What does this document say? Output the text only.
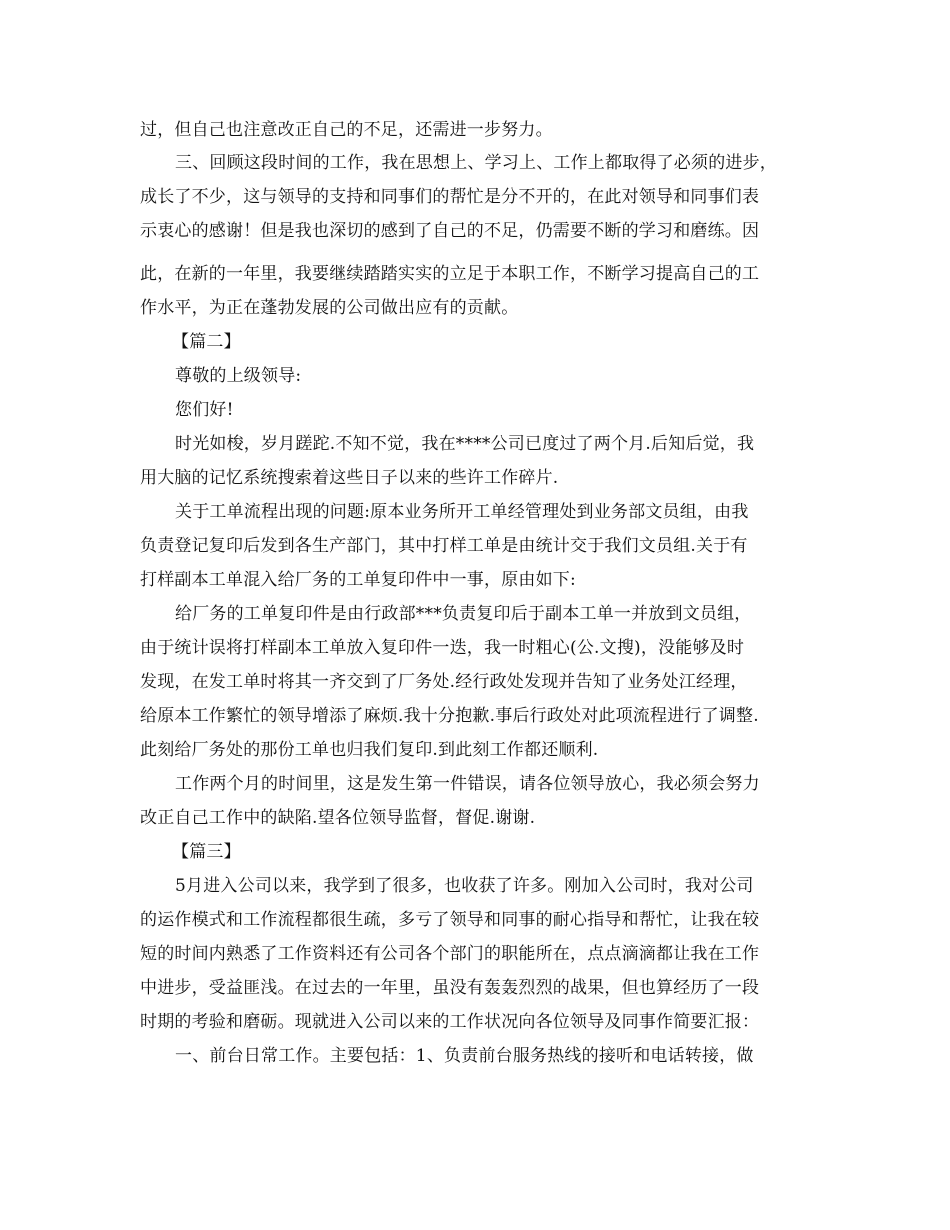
过，但自己也注意改正自己的不足，还需进一步努力。
三、回顾这段时间的工作，我在思想上、学习上、工作上都取得了必须的进步，
成长了不少，这与领导的支持和同事们的帮忙是分不开的，在此对领导和同事们表
示衷心的感谢！但是我也深切的感到了自己的不足，仍需要不断的学习和磨练。因
此，在新的一年里，我要继续踏踏实实的立足于本职工作，不断学习提高自己的工
作水平，为正在蓬勃发展的公司做出应有的贡献。
【篇二】
尊敬的上级领导:
您们好!
时光如梭，岁月蹉跎.不知不觉，我在****公司已度过了两个月.后知后觉，我
用大脑的记忆系统搜索着这些日子以来的些许工作碎片.
关于工单流程出现的问题:原本业务所开工单经管理处到业务部文员组，由我
负责登记复印后发到各生产部门，其中打样工单是由统计交于我们文员组.关于有
打样副本工单混入给厂务的工单复印件中一事，原由如下:
给厂务的工单复印件是由行政部***负责复印后于副本工单一并放到文员组，
由于统计误将打样副本工单放入复印件一迭，我一时粗心(公.文搜)，没能够及时
发现，在发工单时将其一齐交到了厂务处.经行政处发现并告知了业务处江经理，
给原本工作繁忙的领导增添了麻烦.我十分抱歉.事后行政处对此项流程进行了调整.
此刻给厂务处的那份工单也归我们复印.到此刻工作都还顺利.
工作两个月的时间里，这是发生第一件错误，请各位领导放心，我必须会努力
改正自己工作中的缺陷.望各位领导监督，督促.谢谢.
【篇三】
5月进入公司以来，我学到了很多，也收获了许多。刚加入公司时，我对公司
的运作模式和工作流程都很生疏，多亏了领导和同事的耐心指导和帮忙，让我在较
短的时间内熟悉了工作资料还有公司各个部门的职能所在，点点滴滴都让我在工作
中进步，受益匪浅。在过去的一年里，虽没有轰轰烈烈的战果，但也算经历了一段
时期的考验和磨砺。现就进入公司以来的工作状况向各位领导及同事作简要汇报：
一、前台日常工作。主要包括：1、负责前台服务热线的接听和电话转接，做
